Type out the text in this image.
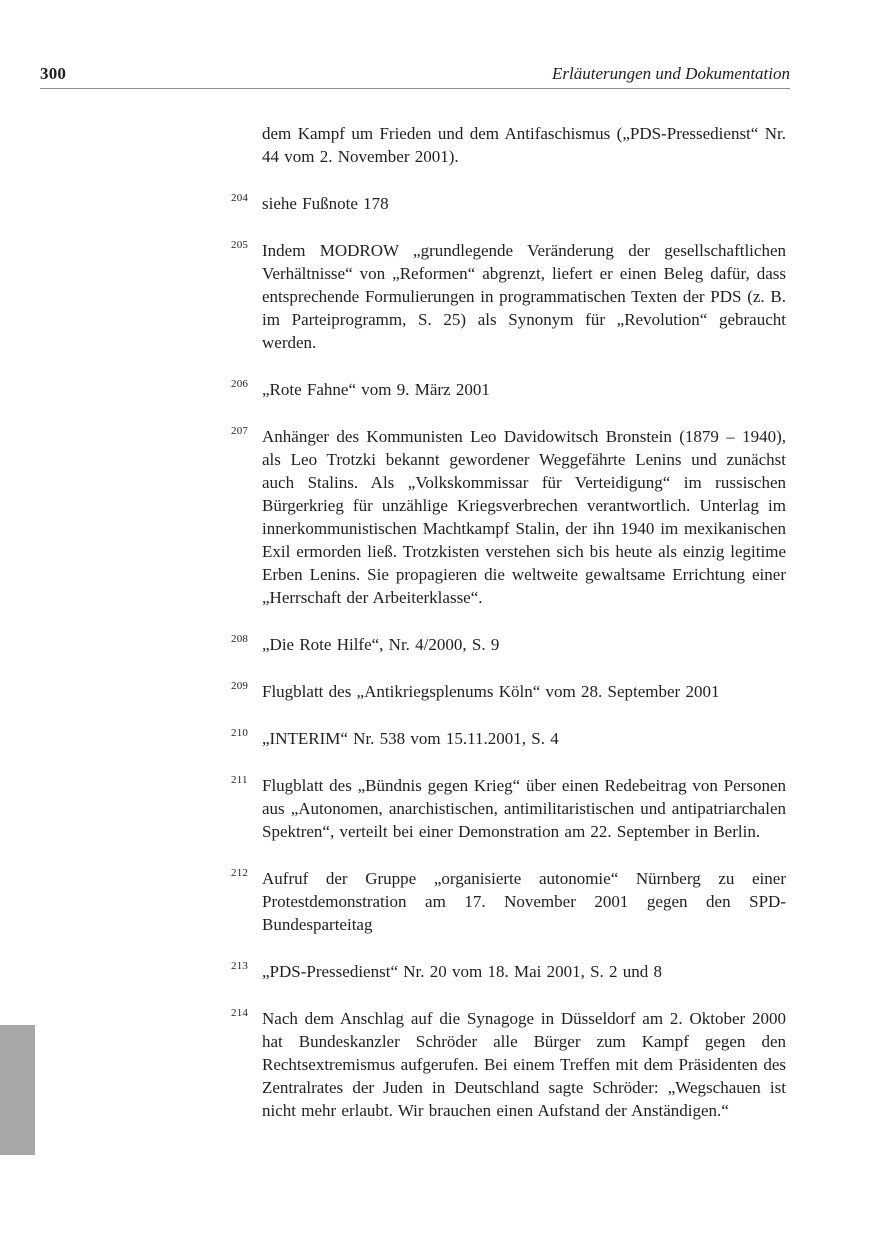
300	Erläuterungen und Dokumentation

dem Kampf um Frieden und dem Antifaschismus („PDS-Pressedienst“ Nr. 44 vom 2. November 2001).

204 siehe Fußnote 178

205 Indem MODROW „grundlegende Veränderung der gesellschaftlichen Verhältnisse“ von „Reformen“ abgrenzt, liefert er einen Beleg dafür, dass entsprechende Formulierungen in programmatischen Texten der PDS (z. B. im Parteiprogramm, S. 25) als Synonym für „Revolution“ gebraucht werden.

206 „Rote Fahne“ vom 9. März 2001

207 Anhänger des Kommunisten Leo Davidowitsch Bronstein (1879 – 1940), als Leo Trotzki bekannt gewordener Weggefährte Lenins und zunächst auch Stalins. Als „Volkskommissar für Verteidigung“ im russischen Bürgerkrieg für unzählige Kriegsverbrechen verantwortlich. Unterlag im innerkommunistischen Machtkampf Stalin, der ihn 1940 im mexikanischen Exil ermorden ließ. Trotzkisten verstehen sich bis heute als einzig legitime Erben Lenins. Sie propagieren die weltweite gewaltsame Errichtung einer „Herrschaft der Arbeiterklasse“.

208 „Die Rote Hilfe“, Nr. 4/2000, S. 9

209 Flugblatt des „Antikriegsplenums Köln“ vom 28. September 2001

210 „INTERIM“ Nr. 538 vom 15.11.2001, S. 4

211 Flugblatt des „Bündnis gegen Krieg“ über einen Redebeitrag von Personen aus „Autonomen, anarchistischen, antimilitaristischen und antipatriarchalen Spektren“, verteilt bei einer Demonstration am 22. September in Berlin.

212 Aufruf der Gruppe „organisierte autonomie“ Nürnberg zu einer Protestdemonstration am 17. November 2001 gegen den SPD-Bundesparteitag

213 „PDS-Pressedienst“ Nr. 20 vom 18. Mai 2001, S. 2 und 8

214 Nach dem Anschlag auf die Synagoge in Düsseldorf am 2. Oktober 2000 hat Bundeskanzler Schröder alle Bürger zum Kampf gegen den Rechtsextremismus aufgerufen. Bei einem Treffen mit dem Präsidenten des Zentralrates der Juden in Deutschland sagte Schröder: „Wegschauen ist nicht mehr erlaubt. Wir brauchen einen Aufstand der Anständigen.“
